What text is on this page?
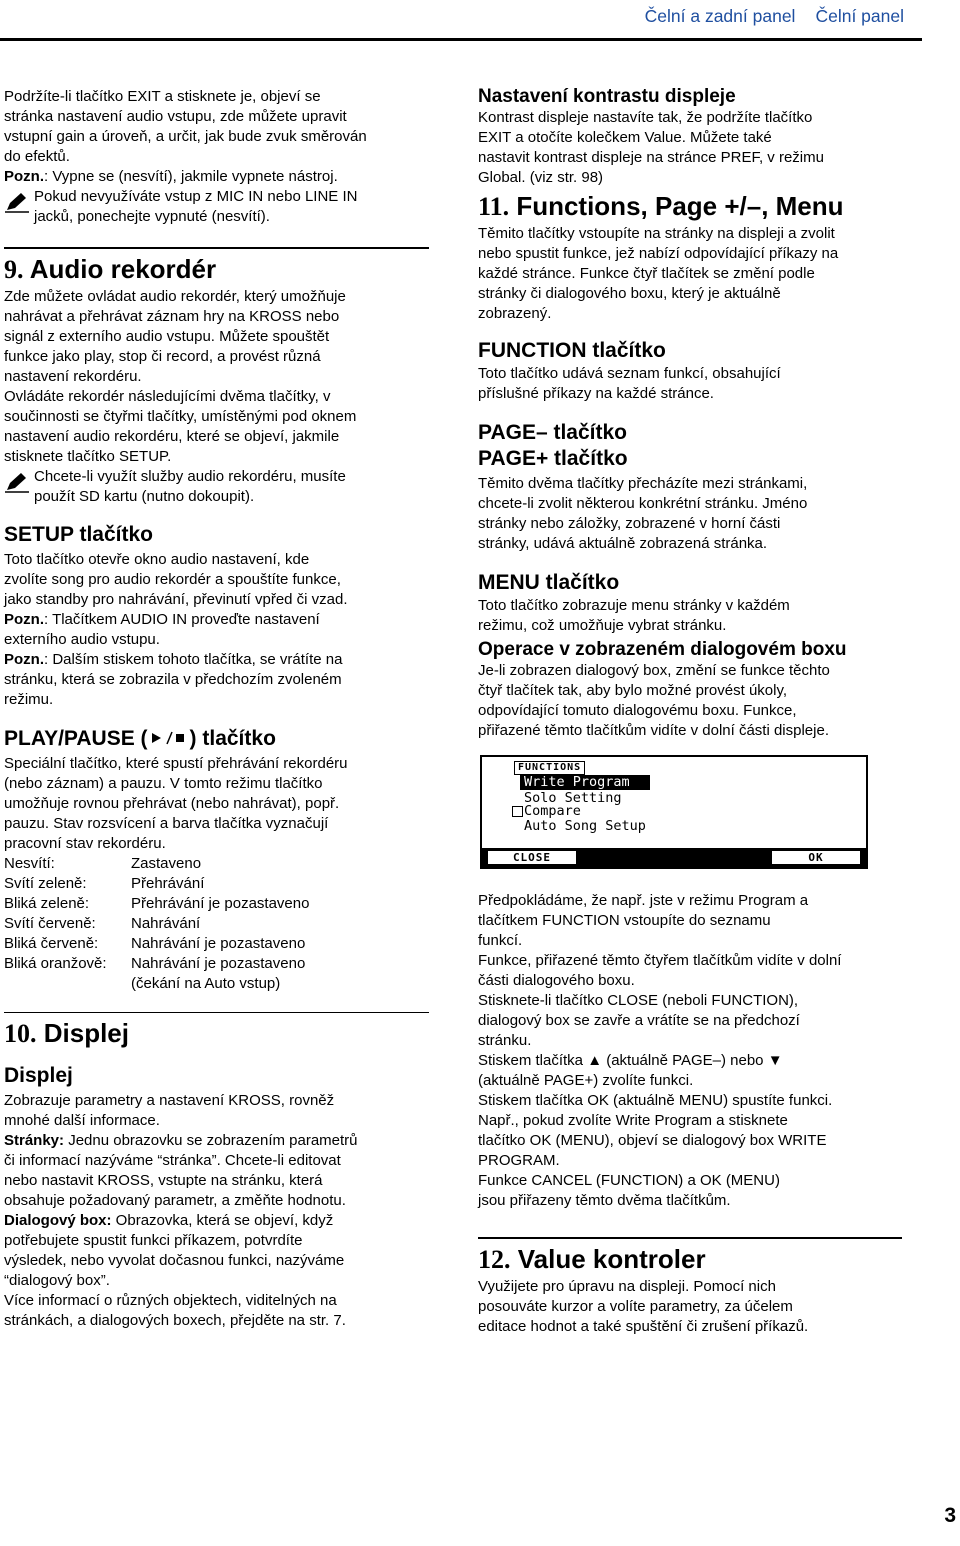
Čelní a zadní panel Čelní panel

Podržíte-li tlačítko EXIT a stisknete je, objeví se
stránka nastavení audio vstupu, zde můžete upravit
vstupní gain a úroveň, a určit, jak bude zvuk směrován
do efektů.

Pozn.: Vypne se (nesvítí), jakmile vypnete nástroj.

Pokud nevyužíváte vstup z MIC IN nebo LINE IN
jacků, ponechejte vypnuté (nesvítí).
9. Audio rekordér

Zde můžete ovládat audio rekordér, který umožňuje
nahrávat a přehrávat záznam hry na KROSS nebo
signál z externího audio vstupu. Můžete spouštět
funkce jako play, stop či record, a provést různá
nastavení rekordéru.

Ovládáte rekordér následujícími dvěma tlačítky, v
součinnosti se čtyřmi tlačítky, umístěnými pod oknem
nastavení audio rekordéru, které se objeví, jakmile
stisknete tlačítko SETUP.

Chcete-li využít služby audio rekordéru, musíte
použít SD kartu (nutno dokoupit).
SETUP tlačítko

Toto tlačítko otevře okno audio nastavení, kde
zvolíte song pro audio rekordér a spouštíte funkce,
jako standby pro nahrávání, převinutí vpřed či vzad.

Pozn.: Tlačítkem AUDIO IN proveďte nastavení
externího audio vstupu.

Pozn.: Dalším stiskem tohoto tlačítka, se vrátíte na
stránku, která se zobrazila v předchozím zvoleném
režimu.

PLAY/PAUSE ( ) tlačítko

Speciální tlačítko, které spustí přehrávání rekordéru
(nebo záznam) a pauzu. V tomto režimu tlačítko
umožňuje rovnou přehrávat (nebo nahrávat), popř.
pauzu. Stav rozsvícení a barva tlačítka vyznačují
pracovní stav rekordéru.

Nesvítí:	Zastaveno
Svítí zeleně:	Přehrávání
Bliká zeleně:	Přehrávání je pozastaveno
Svítí červeně:	Nahrávání
Bliká červeně:	Nahrávání je pozastaveno
Bliká oranžově:	Nahrávání je pozastaveno
	(čekání na Auto vstup)
10. Displej
Displej

Zobrazuje parametry a nastavení KROSS, rovněž
mnohé další informace.

Stránky: Jednu obrazovku se zobrazením parametrů
či informací nazýváme “stránka”. Chcete-li editovat
nebo nastavit KROSS, vstupte na stránku, která
obsahuje požadovaný parametr, a změňte hodnotu.

Dialogový box: Obrazovka, která se objeví, když
potřebujete spustit funkci příkazem, potvrdíte
výsledek, nebo vyvolat dočasnou funkci, nazýváme
“dialogový box”.

Více informací o různých objektech, viditelných na
stránkách, a dialogových boxech, přejděte na str. 7.

Nastavení kontrastu displeje

Kontrast displeje nastavíte tak, že podržíte tlačítko
EXIT a otočíte kolečkem Value. Můžete také
nastavit kontrast displeje na stránce PREF, v režimu
Global. (viz str. 98)

11. Functions, Page +/–, Menu

Těmito tlačítky vstoupíte na stránky na displeji a zvolit
nebo spustit funkce, jež nabízí odpovídající příkazy na
každé stránce. Funkce čtyř tlačítek se změní podle
stránky či dialogového boxu, který je aktuálně
zobrazený.

FUNCTION tlačítko

Toto tlačítko udává seznam funkcí, obsahující
příslušné příkazy na každé stránce.

PAGE– tlačítko
PAGE+ tlačítko

Těmito dvěma tlačítky přecházíte mezi stránkami,
chcete-li zvolit některou konkrétní stránku. Jméno
stránky nebo záložky, zobrazené v horní části
stránky, udává aktuálně zobrazená stránka.

MENU tlačítko

Toto tlačítko zobrazuje menu stránky v každém
režimu, což umožňuje vybrat stránku.

Operace v zobrazeném dialogovém boxu

Je-li zobrazen dialogový box, změní se funkce těchto
čtyř tlačítek tak, aby bylo možné provést úkoly,
odpovídající tomuto dialogovému boxu. Funkce,
přiřazené těmto tlačítkům vidíte v dolní části displeje.

FUNCTIONS
Write Program
Solo Setting
Compare
Auto Song Setup
CLOSE	OK

Předpokládáme, že např. jste v režimu Program a
tlačítkem FUNCTION vstoupíte do seznamu
funkcí.
Funkce, přiřazené těmto čtyřem tlačítkům vidíte v dolní
části dialogového boxu.
Stisknete-li tlačítko CLOSE (neboli FUNCTION),
dialogový box se zavře a vrátíte se na předchozí
stránku.
Stiskem tlačítka ▲ (aktuálně PAGE–) nebo ▼
(aktuálně PAGE+) zvolíte funkci.
Stiskem tlačítka OK (aktuálně MENU) spustíte funkci.
Např., pokud zvolíte Write Program a stisknete
tlačítko OK (MENU), objeví se dialogový box WRITE
PROGRAM.
Funkce CANCEL (FUNCTION) a OK (MENU)
jsou přiřazeny těmto dvěma tlačítkům.

12. Value kontroler

Využijete pro úpravu na displeji. Pomocí nich
posouváte kurzor a volíte parametry, za účelem
editace hodnot a také spuštění či zrušení příkazů.

3
